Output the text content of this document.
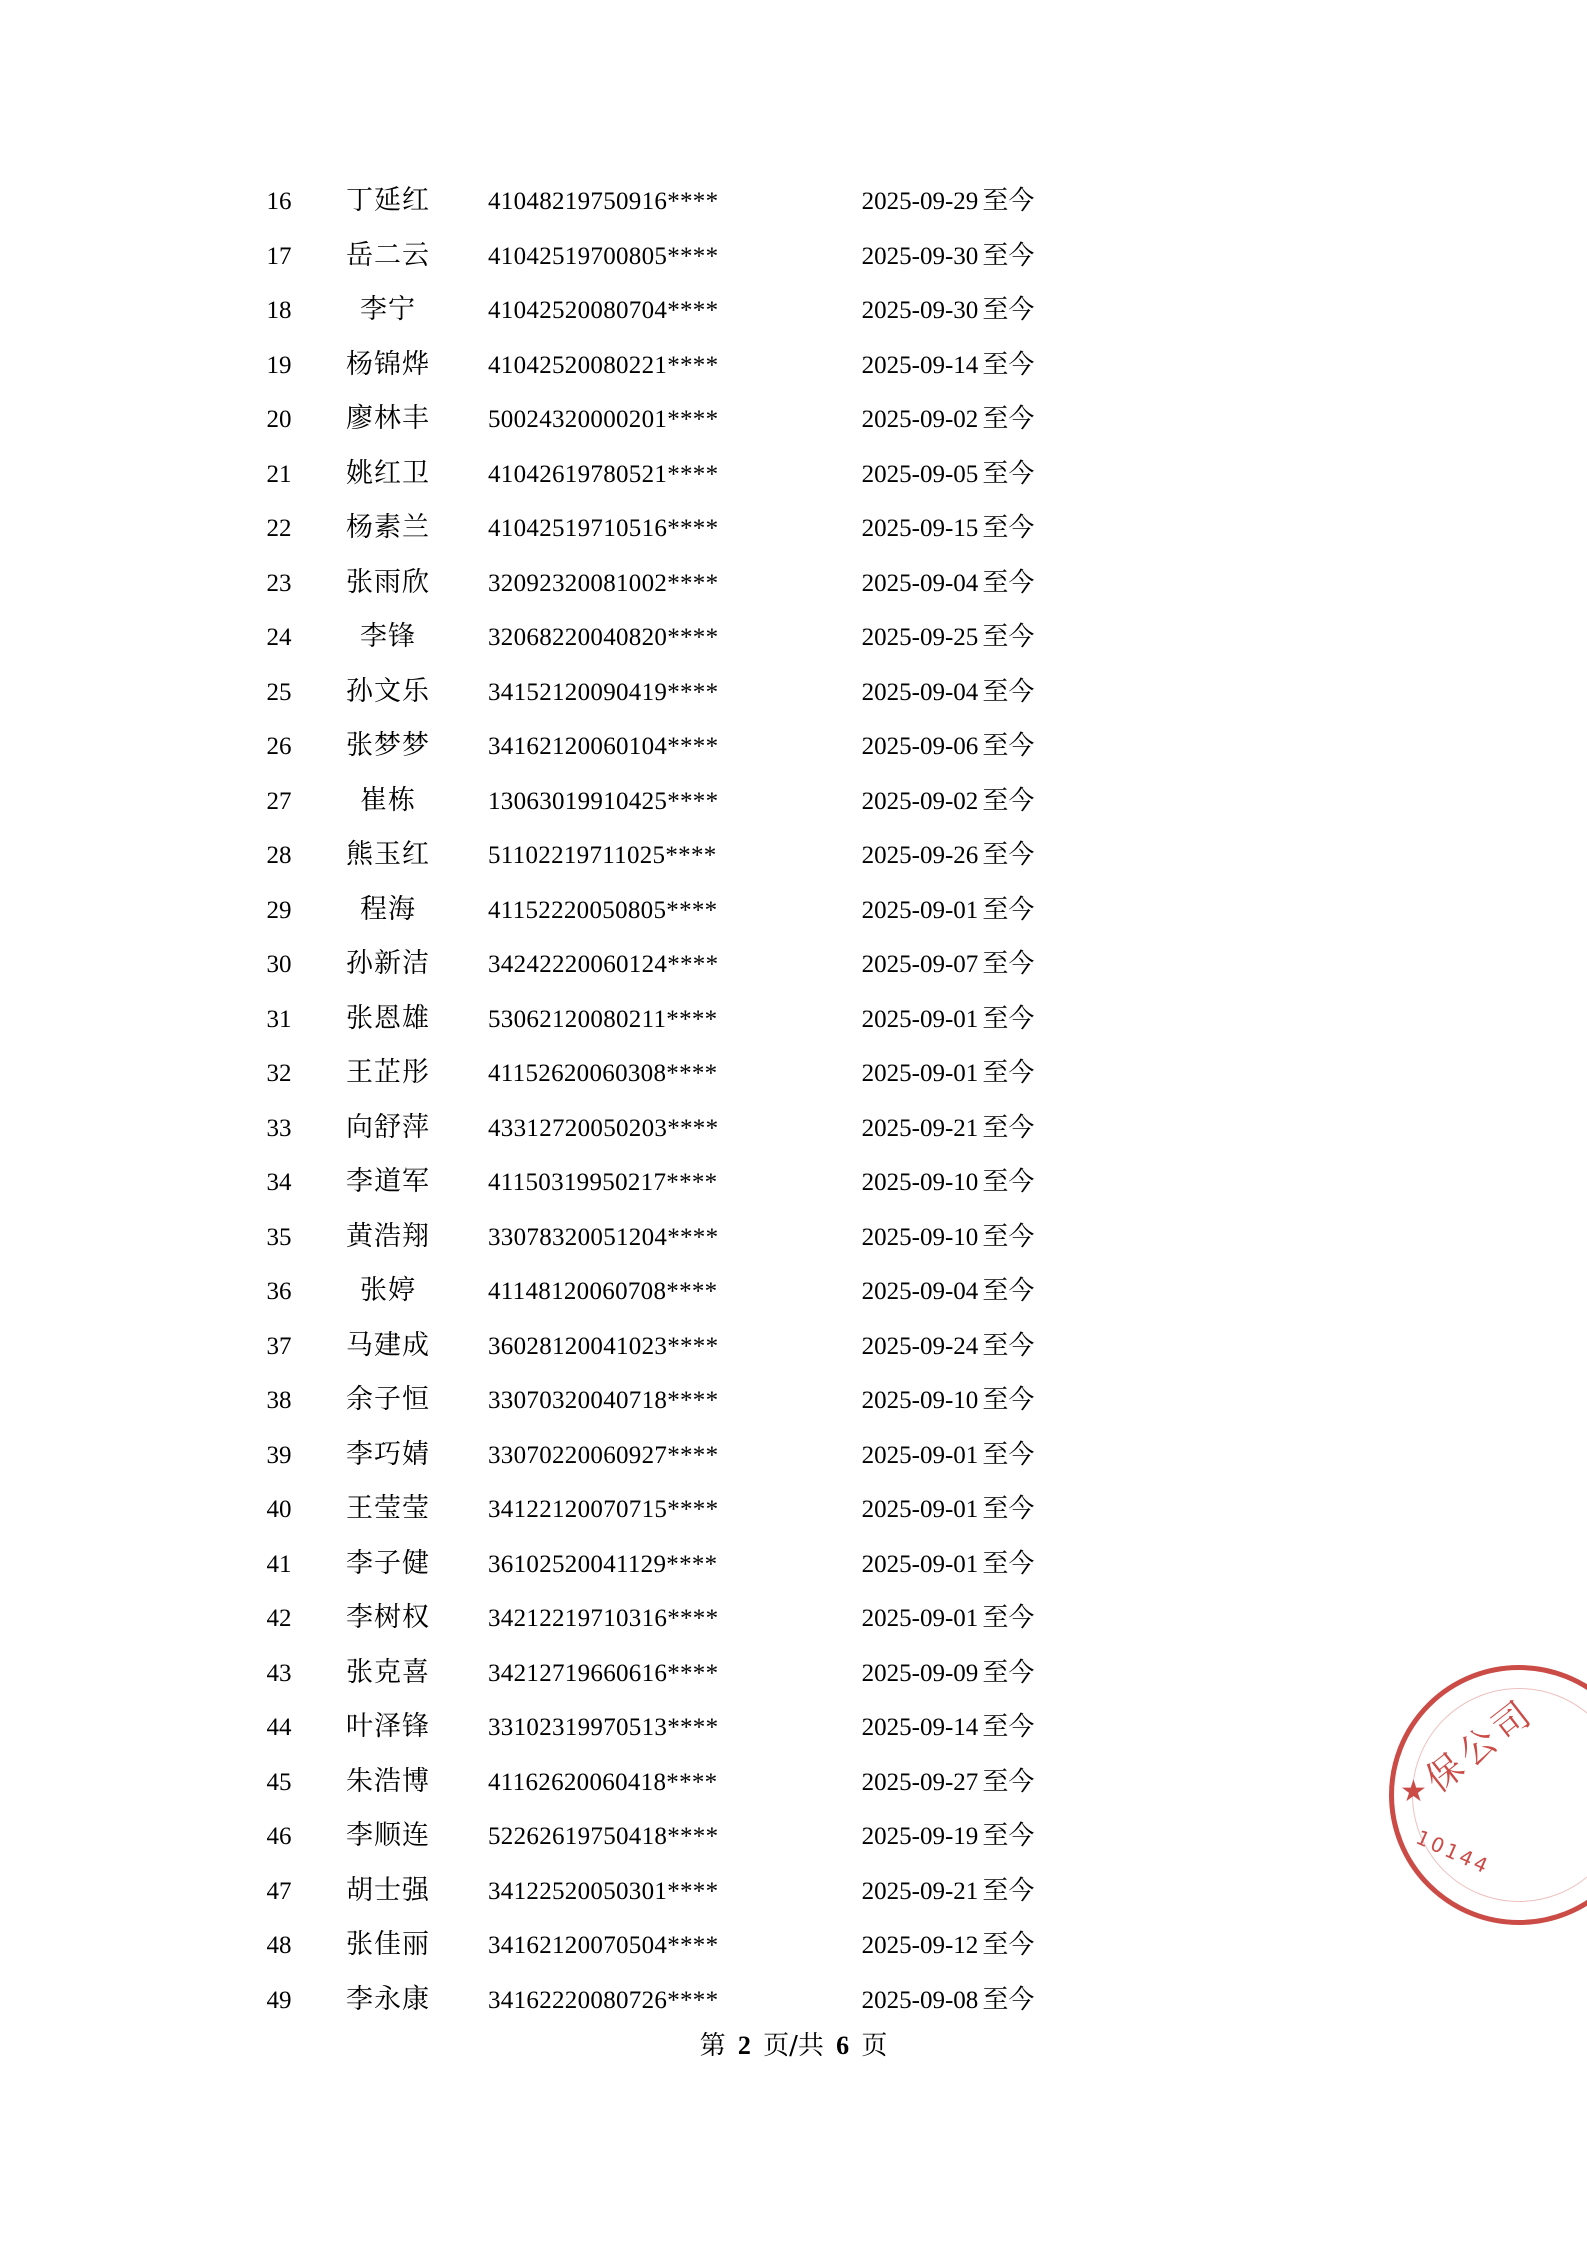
16	丁延红	41048219750916****	2025-09-29 至今
17	岳二云	41042519700805****	2025-09-30 至今
18	李宁	41042520080704****	2025-09-30 至今
19	杨锦烨	41042520080221****	2025-09-14 至今
20	廖林丰	50024320000201****	2025-09-02 至今
21	姚红卫	41042619780521****	2025-09-05 至今
22	杨素兰	41042519710516****	2025-09-15 至今
23	张雨欣	32092320081002****	2025-09-04 至今
24	李锋	32068220040820****	2025-09-25 至今
25	孙文乐	34152120090419****	2025-09-04 至今
26	张梦梦	34162120060104****	2025-09-06 至今
27	崔栋	13063019910425****	2025-09-02 至今
28	熊玉红	51102219711025****	2025-09-26 至今
29	程海	41152220050805****	2025-09-01 至今
30	孙新洁	34242220060124****	2025-09-07 至今
31	张恩雄	53062120080211****	2025-09-01 至今
32	王芷彤	41152620060308****	2025-09-01 至今
33	向舒萍	43312720050203****	2025-09-21 至今
34	李道军	41150319950217****	2025-09-10 至今
35	黄浩翔	33078320051204****	2025-09-10 至今
36	张婷	41148120060708****	2025-09-04 至今
37	马建成	36028120041023****	2025-09-24 至今
38	余子恒	33070320040718****	2025-09-10 至今
39	李巧婧	33070220060927****	2025-09-01 至今
40	王莹莹	34122120070715****	2025-09-01 至今
41	李子健	36102520041129****	2025-09-01 至今
42	李树权	34212219710316****	2025-09-01 至今
43	张克喜	34212719660616****	2025-09-09 至今
44	叶泽锋	33102319970513****	2025-09-14 至今
45	朱浩博	41162620060418****	2025-09-27 至今
46	李顺连	52262619750418****	2025-09-19 至今
47	胡士强	34122520050301****	2025-09-21 至今
48	张佳丽	34162120070504****	2025-09-12 至今
49	李永康	34162220080726****	2025-09-08 至今
第 2 页/共 6 页
★
保公司
10144
